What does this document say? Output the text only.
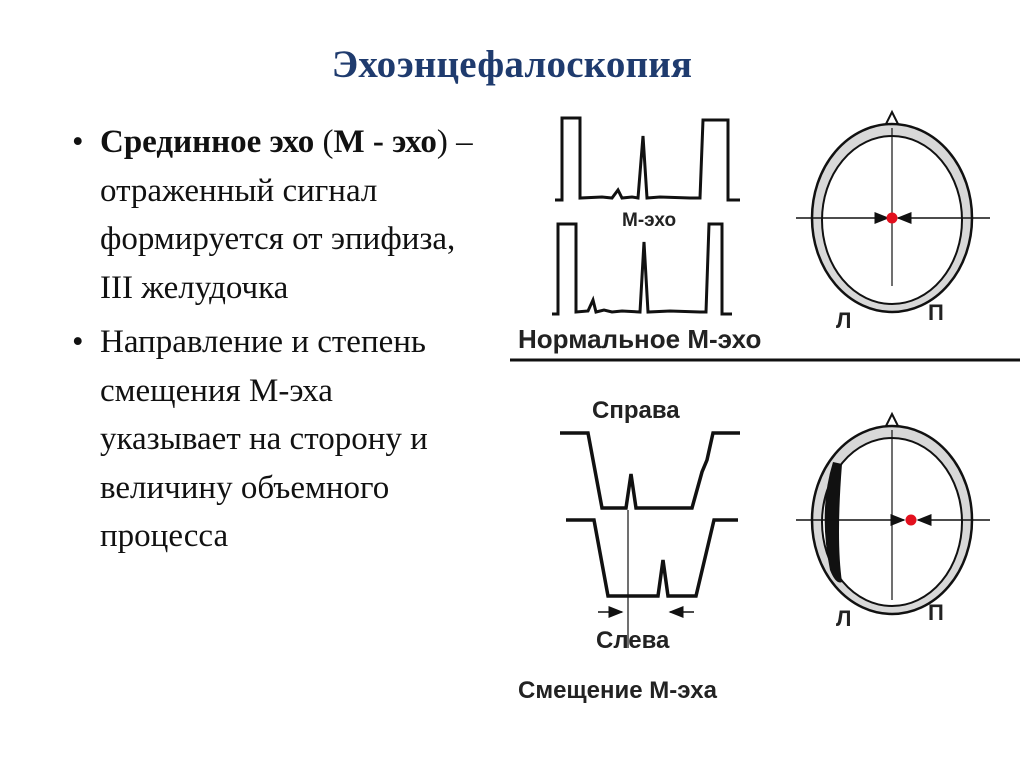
Эхоэнцефалоскопия
• Срединное эхо (М - эхо) – отраженный сигнал формируется от эпифиза, III желудочка
• Направление и степень смещения М-эха указывает на сторону и величину объемного процесса
М-эхо
Нормальное М-эхо
Л	П
Справа
Слева
Смещение М-эха
Л	П
